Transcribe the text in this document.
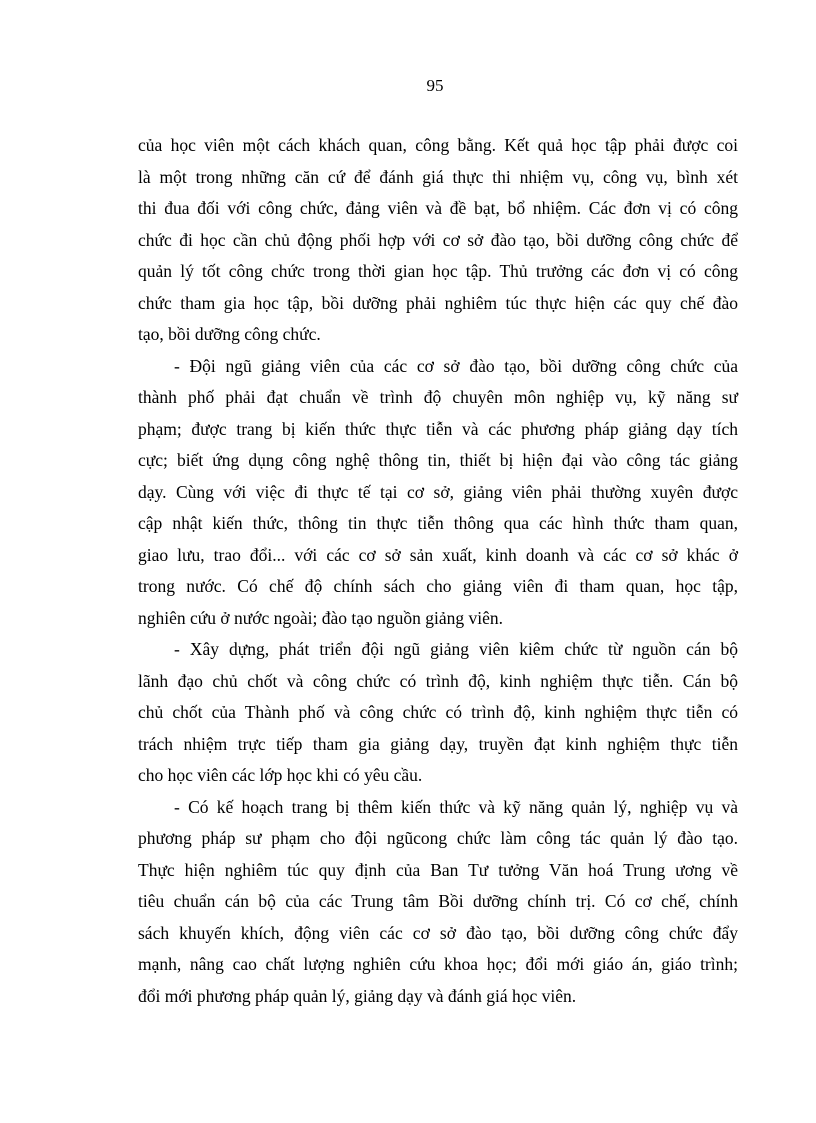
95

của học viên một cách khách quan, công bằng. Kết quả học tập phải được coi
là một trong những căn cứ để đánh giá thực thi nhiệm vụ, công vụ, bình xét
thi đua đối với công chức, đảng viên và đề bạt, bổ nhiệm. Các đơn vị có công
chức đi học cần chủ động phối hợp với cơ sở đào tạo, bồi dưỡng công chức để
quản lý tốt công chức trong thời gian học tập. Thủ trưởng các đơn vị có công
chức tham gia học tập, bồi dưỡng phải nghiêm túc thực hiện các quy chế đào
tạo, bồi dưỡng công chức.

- Đội ngũ giảng viên của các cơ sở đào tạo, bồi dưỡng công chức của
thành phố phải đạt chuẩn về trình độ chuyên môn nghiệp vụ, kỹ năng sư
phạm; được trang bị kiến thức thực tiễn và các phương pháp giảng dạy tích
cực; biết ứng dụng công nghệ thông tin, thiết bị hiện đại vào công tác giảng
dạy. Cùng với việc đi thực tế tại cơ sở, giảng viên phải thường xuyên được
cập nhật kiến thức, thông tin thực tiễn thông qua các hình thức tham quan,
giao lưu, trao đổi... với các cơ sở sản xuất, kinh doanh và các cơ sở khác ở
trong nước. Có chế độ chính sách cho giảng viên đi tham quan, học tập,
nghiên cứu ở nước ngoài; đào tạo nguồn giảng viên.

- Xây dựng, phát triển đội ngũ giảng viên kiêm chức từ nguồn cán bộ
lãnh đạo chủ chốt và công chức có trình độ, kinh nghiệm thực tiễn. Cán bộ
chủ chốt của Thành phố và công chức có trình độ, kinh nghiệm thực tiễn có
trách nhiệm trực tiếp tham gia giảng dạy, truyền đạt kinh nghiệm thực tiễn
cho học viên các lớp học khi có yêu cầu.

- Có kế hoạch trang bị thêm kiến thức và kỹ năng quản lý, nghiệp vụ và
phương pháp sư phạm cho đội ngũcong chức làm công tác quản lý đào tạo.
Thực hiện nghiêm túc quy định của Ban Tư tưởng Văn hoá Trung ương về
tiêu chuẩn cán bộ của các Trung tâm Bồi dưỡng chính trị. Có cơ chế, chính
sách khuyến khích, động viên các cơ sở đào tạo, bồi dưỡng công chức đẩy
mạnh, nâng cao chất lượng nghiên cứu khoa học; đổi mới giáo án, giáo trình;
đổi mới phương pháp quản lý, giảng dạy và đánh giá học viên.
